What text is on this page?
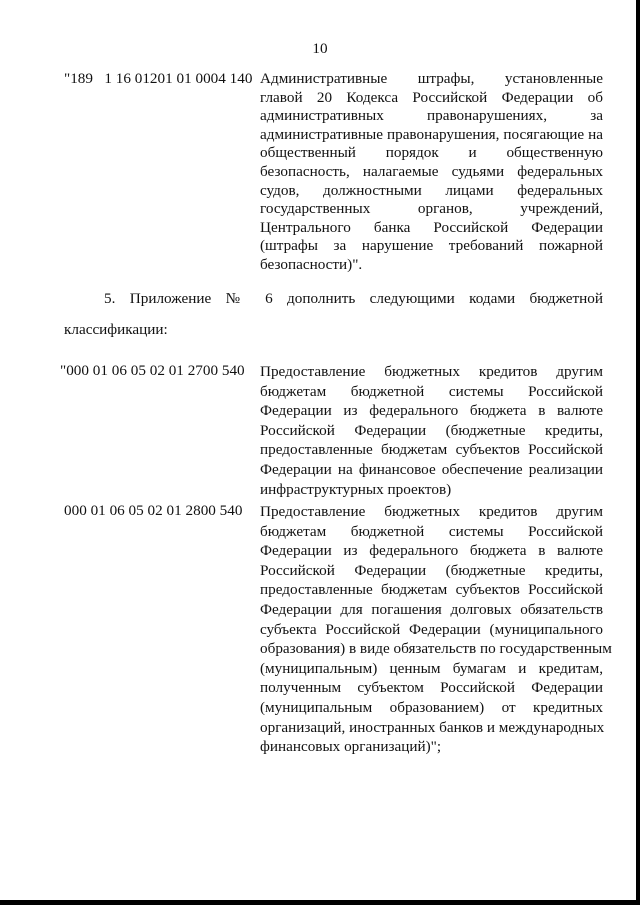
10
"189   1 16 01201 01 0004 140 Административные штрафы, установленные
главой 20 Кодекса Российской Федерации об
административных правонарушениях, за
административные правонарушения, посягающие на
общественный порядок и общественную
безопасность, налагаемые судьями федеральных
судов, должностными лицами федеральных
государственных органов, учреждений,
Центрального банка Российской Федерации
(штрафы за нарушение требований пожарной
безопасности)".
5. Приложение № 6 дополнить следующими кодами бюджетной
классификации:
"000 01 06 05 02 01 2700 540 Предоставление бюджетных кредитов другим
бюджетам бюджетной системы Российской
Федерации из федерального бюджета в валюте
Российской Федерации (бюджетные кредиты,
предоставленные бюджетам субъектов Российской
Федерации на финансовое обеспечение реализации
инфраструктурных проектов)
000 01 06 05 02 01 2800 540 Предоставление бюджетных кредитов другим
бюджетам бюджетной системы Российской
Федерации из федерального бюджета в валюте
Российской Федерации (бюджетные кредиты,
предоставленные бюджетам субъектов Российской
Федерации для погашения долговых обязательств
субъекта Российской Федерации (муниципального
образования) в виде обязательств по государственным
(муниципальным) ценным бумагам и кредитам,
полученным субъектом Российской Федерации
(муниципальным образованием) от кредитных
организаций, иностранных банков и международных
финансовых организаций)";
